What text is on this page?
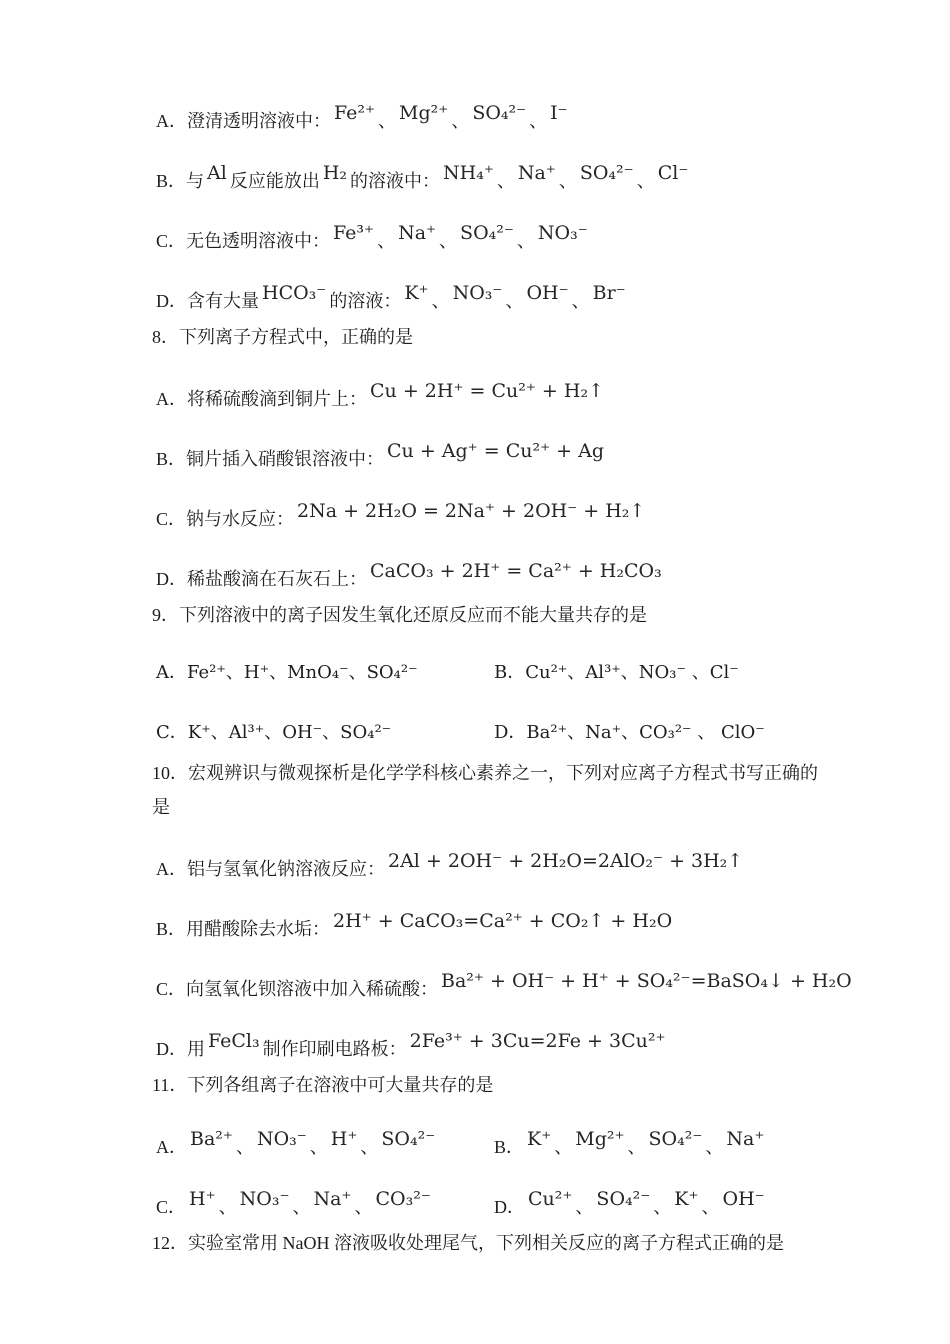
A．澄清透明溶液中： Fe²⁺ 、 Mg²⁺ 、 SO₄²⁻ 、 I⁻
B．与 Al 反应能放出 H₂ 的溶液中： NH₄⁺ 、 Na⁺ 、 SO₄²⁻ 、 Cl⁻
C．无色透明溶液中： Fe³⁺ 、 Na⁺ 、 SO₄²⁻ 、 NO₃⁻
D．含有大量 HCO₃⁻ 的溶液： K⁺ 、 NO₃⁻ 、 OH⁻ 、 Br⁻
8．下列离子方程式中，正确的是
A．将稀硫酸滴到铜片上： Cu + 2H⁺ = Cu²⁺ + H₂↑
B．铜片插入硝酸银溶液中： Cu + Ag⁺ = Cu²⁺ + Ag
C．钠与水反应： 2Na + 2H₂O = 2Na⁺ + 2OH⁻ + H₂↑
D．稀盐酸滴在石灰石上： CaCO₃ + 2H⁺ = Ca²⁺ + H₂CO₃
9．下列溶液中的离子因发生氧化还原反应而不能大量共存的是
A．Fe²⁺、H⁺、MnO₄⁻、SO₄²⁻	B．Cu²⁺、Al³⁺、NO₃⁻ 、Cl⁻
C．K⁺、Al³⁺、OH⁻、SO₄²⁻	D．Ba²⁺、Na⁺、CO₃²⁻ 、 ClO⁻
10．宏观辨识与微观探析是化学学科核心素养之一，下列对应离子方程式书写正确的
是
A．铝与氢氧化钠溶液反应： 2Al + 2OH⁻ + 2H₂O=2AlO₂⁻ + 3H₂↑
B．用醋酸除去水垢： 2H⁺ + CaCO₃=Ca²⁺ + CO₂↑ + H₂O
C．向氢氧化钡溶液中加入稀硫酸： Ba²⁺ + OH⁻ + H⁺ + SO₄²⁻=BaSO₄↓ + H₂O
D．用 FeCl₃ 制作印刷电路板： 2Fe³⁺ + 3Cu=2Fe + 3Cu²⁺
11．下列各组离子在溶液中可大量共存的是
A． Ba²⁺ 、 NO₃⁻ 、 H⁺ 、 SO₄²⁻	B． K⁺ 、 Mg²⁺ 、 SO₄²⁻ 、 Na⁺
C． H⁺ 、 NO₃⁻ 、 Na⁺ 、 CO₃²⁻	D． Cu²⁺ 、 SO₄²⁻ 、 K⁺ 、 OH⁻
12．实验室常用 NaOH 溶液吸收处理尾气，下列相关反应的离子方程式正确的是
